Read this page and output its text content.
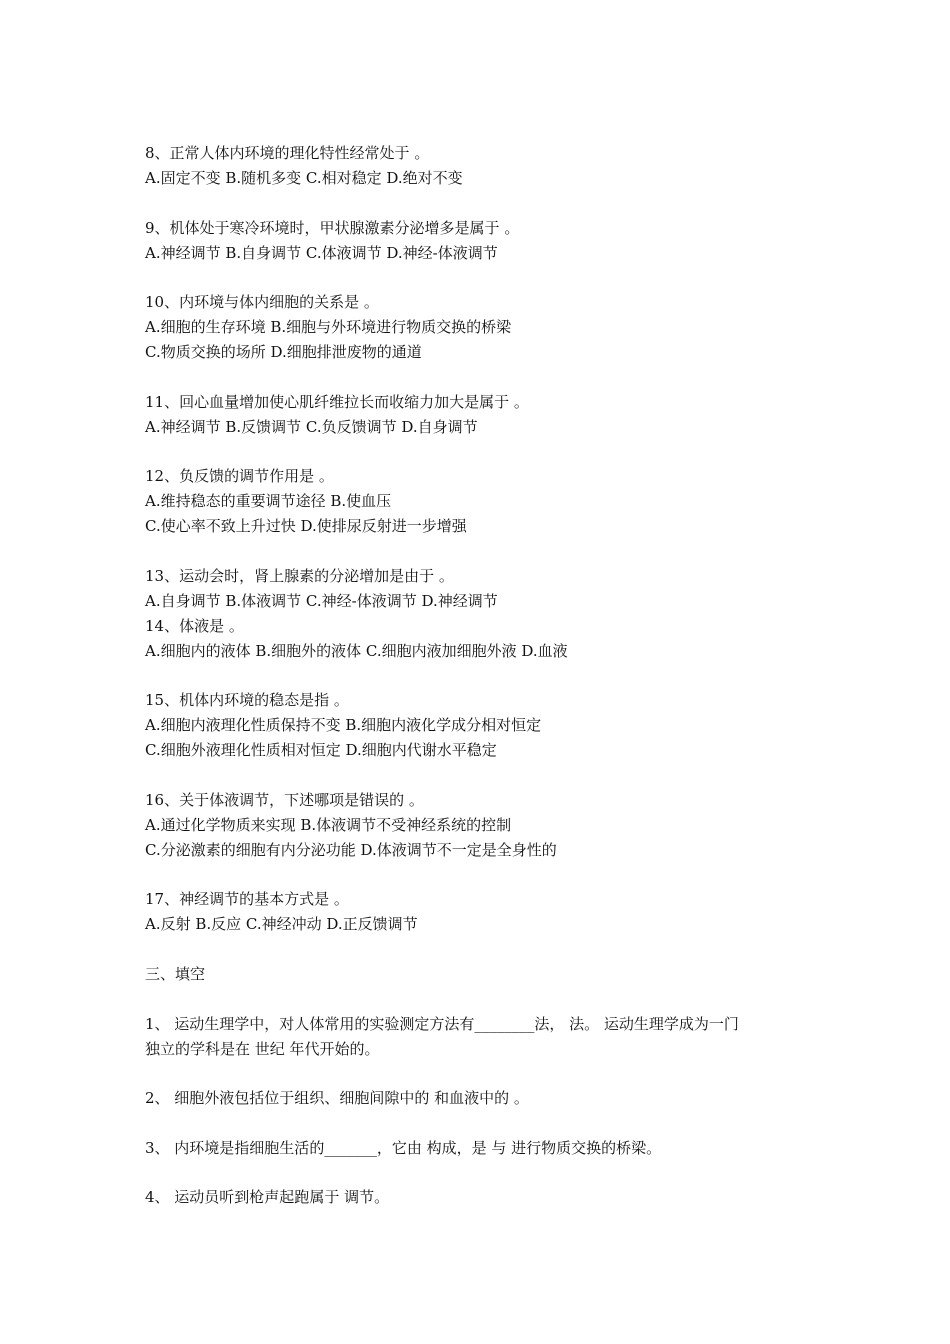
8、正常人体内环境的理化特性经常处于 。
A.固定不变 B.随机多变 C.相对稳定 D.绝对不变
9、机体处于寒冷环境时，甲状腺激素分泌增多是属于 。
A.神经调节 B.自身调节 C.体液调节 D.神经-体液调节
10、内环境与体内细胞的关系是 。
A.细胞的生存环境 B.细胞与外环境进行物质交换的桥梁
C.物质交换的场所 D.细胞排泄废物的通道
11、回心血量增加使心肌纤维拉长而收缩力加大是属于 。
A.神经调节 B.反馈调节 C.负反馈调节 D.自身调节
12、负反馈的调节作用是 。
A.维持稳态的重要调节途径 B.使血压
C.使心率不致上升过快 D.使排尿反射进一步增强
13、运动会时，肾上腺素的分泌增加是由于 。
A.自身调节 B.体液调节 C.神经-体液调节 D.神经调节
14、体液是 。
A.细胞内的液体 B.细胞外的液体 C.细胞内液加细胞外液 D.血液
15、机体内环境的稳态是指 。
A.细胞内液理化性质保持不变 B.细胞内液化学成分相对恒定
C.细胞外液理化性质相对恒定 D.细胞内代谢水平稳定
16、关于体液调节，下述哪项是错误的 。
A.通过化学物质来实现 B.体液调节不受神经系统的控制
C.分泌激素的细胞有内分泌功能 D.体液调节不一定是全身性的
17、神经调节的基本方式是 。
A.反射 B.反应 C.神经冲动 D.正反馈调节
三、填空
1、 运动生理学中，对人体常用的实验测定方法有________法， 法。 运动生理学成为一门
独立的学科是在 世纪 年代开始的。
2、 细胞外液包括位于组织、细胞间隙中的 和血液中的 。
3、 内环境是指细胞生活的_______，它由 构成，是 与 进行物质交换的桥梁。
4、 运动员听到枪声起跑属于 调节。
